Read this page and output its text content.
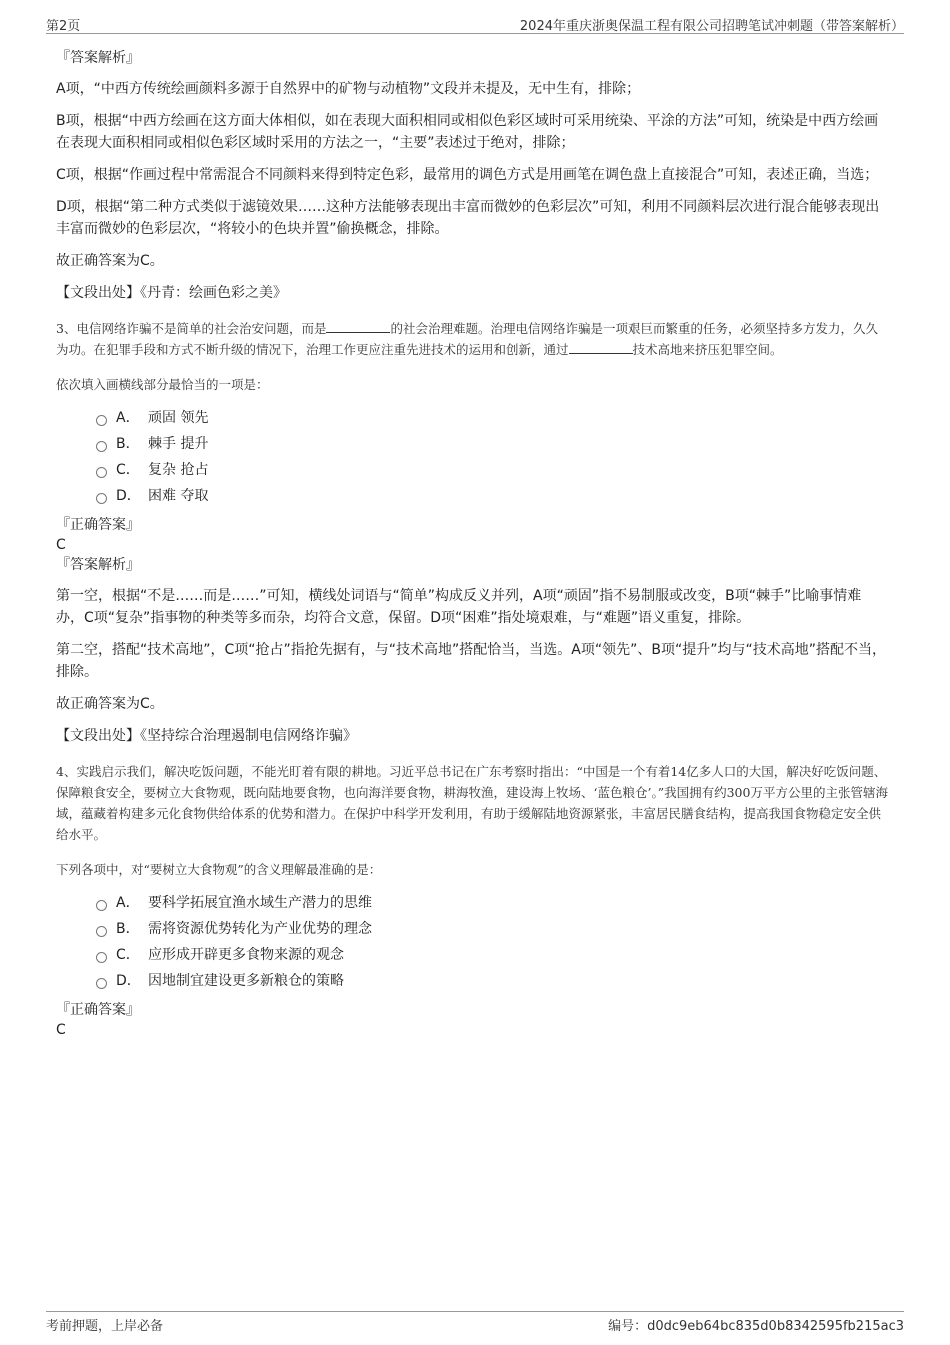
第2页	2024年重庆浙奥保温工程有限公司招聘笔试冲刺题（带答案解析）

『答案解析』

A项，“中西方传统绘画颜料多源于自然界中的矿物与动植物”文段并未提及，无中生有，排除；

B项，根据“中西方绘画在这方面大体相似，如在表现大面积相同或相似色彩区域时可采用统染、平涂的方法”可知，统染是中西方绘画在表现大面积相同或相似色彩区域时采用的方法之一，“主要”表述过于绝对，排除；

C项，根据“作画过程中常需混合不同颜料来得到特定色彩，最常用的调色方式是用画笔在调色盘上直接混合”可知，表述正确，当选；

D项，根据“第二种方式类似于滤镜效果……这种方法能够表现出丰富而微妙的色彩层次”可知，利用不同颜料层次进行混合能够表现出丰富而微妙的色彩层次，“将较小的色块并置”偷换概念，排除。

故正确答案为C。

【文段出处】《丹青：绘画色彩之美》

3、电信网络诈骗不是简单的社会治安问题，而是	的社会治理难题。治理电信网络诈骗是一项艰巨而繁重的任务，必须坚持多方发力，久久为功。在犯罪手段和方式不断升级的情况下，治理工作更应注重先进技术的运用和创新，通过	技术高地来挤压犯罪空间。

依次填入画横线部分最恰当的一项是：

A． 顽固 领先
B． 棘手 提升
C． 复杂 抢占
D． 困难 夺取

『正确答案』

C

『答案解析』

第一空，根据“不是……而是……”可知，横线处词语与“简单”构成反义并列，A项“顽固”指不易制服或改变，B项“棘手”比喻事情难办，C项“复杂”指事物的种类等多而杂，均符合文意，保留。D项“困难”指处境艰难，与“难题”语义重复，排除。

第二空，搭配“技术高地”，C项“抢占”指抢先据有，与“技术高地”搭配恰当，当选。A项“领先”、B项“提升”均与“技术高地”搭配不当，排除。

故正确答案为C。

【文段出处】《坚持综合治理遏制电信网络诈骗》

4、实践启示我们，解决吃饭问题，不能光盯着有限的耕地。习近平总书记在广东考察时指出：“中国是一个有着14亿多人口的大国，解决好吃饭问题、保障粮食安全，要树立大食物观，既向陆地要食物，也向海洋要食物，耕海牧渔，建设海上牧场、‘蓝色粮仓’。”我国拥有约300万平方公里的主张管辖海域，蕴藏着构建多元化食物供给体系的优势和潜力。在保护中科学开发利用，有助于缓解陆地资源紧张，丰富居民膳食结构，提高我国食物稳定安全供给水平。

下列各项中，对“要树立大食物观”的含义理解最准确的是：

A． 要科学拓展宜渔水域生产潜力的思维
B． 需将资源优势转化为产业优势的理念
C． 应形成开辟更多食物来源的观念
D． 因地制宜建设更多新粮仓的策略

『正确答案』

C

考前押题，上岸必备	编号：d0dc9eb64bc835d0b8342595fb215ac3
